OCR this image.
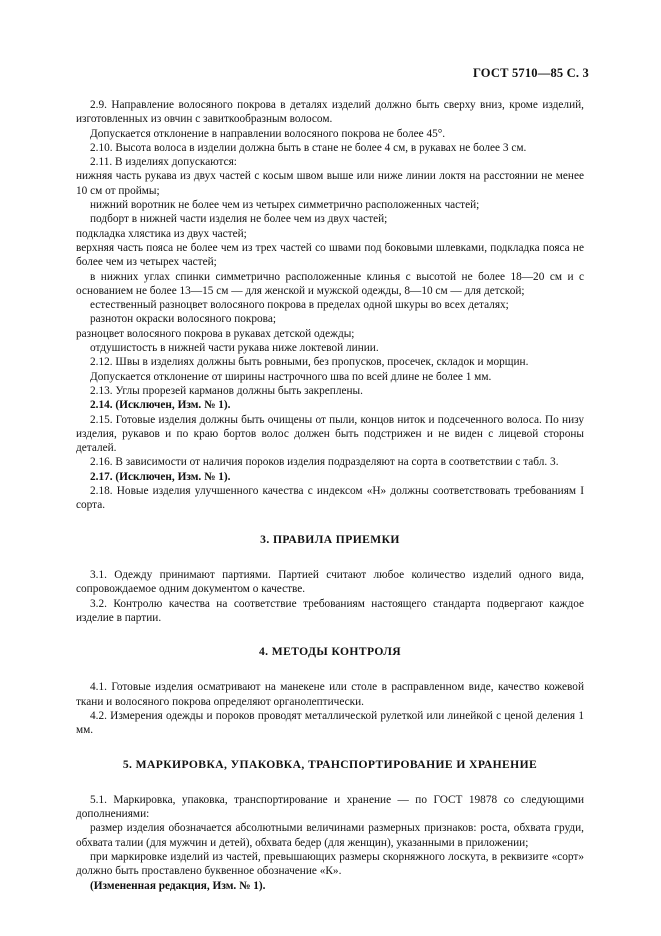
ГОСТ 5710—85 С. 3

2.9. Направление волосяного покрова в деталях изделий должно быть сверху вниз, кроме изделий, изготовленных из овчин с завиткообразным волосом.

Допускается отклонение в направлении волосяного покрова не более 45°.

2.10. Высота волоса в изделии должна быть в стане не более 4 см, в рукавах не более 3 см.

2.11. В изделиях допускаются:

нижняя часть рукава из двух частей с косым швом выше или ниже линии локтя на расстоянии не менее 10 см от проймы;

нижний воротник не более чем из четырех симметрично расположенных частей;

подборт в нижней части изделия не более чем из двух частей;

подкладка хлястика из двух частей;

верхняя часть пояса не более чем из трех частей со швами под боковыми шлевками, подкладка пояса не более чем из четырех частей;

в нижних углах спинки симметрично расположенные клинья с высотой не более 18—20 см и с основанием не более 13—15 см — для женской и мужской одежды, 8—10 см — для детской;

естественный разноцвет волосяного покрова в пределах одной шкуры во всех деталях;

разнотон окраски волосяного покрова;

разноцвет волосяного покрова в рукавах детской одежды;

отдушистость в нижней части рукава ниже локтевой линии.

2.12. Швы в изделиях должны быть ровными, без пропусков, просечек, складок и морщин.

Допускается отклонение от ширины настрочного шва по всей длине не более 1 мм.

2.13. Углы прорезей карманов должны быть закреплены.

2.14. (Исключен, Изм. № 1).

2.15. Готовые изделия должны быть очищены от пыли, концов ниток и подсеченного волоса. По низу изделия, рукавов и по краю бортов волос должен быть подстрижен и не виден с лицевой стороны деталей.

2.16. В зависимости от наличия пороков изделия подразделяют на сорта в соответствии с табл. 3.

2.17. (Исключен, Изм. № 1).

2.18. Новые изделия улучшенного качества с индексом «Н» должны соответствовать требованиям I сорта.

3. ПРАВИЛА ПРИЕМКИ

3.1. Одежду принимают партиями. Партией считают любое количество изделий одного вида, сопровождаемое одним документом о качестве.

3.2. Контролю качества на соответствие требованиям настоящего стандарта подвергают каждое изделие в партии.

4. МЕТОДЫ КОНТРОЛЯ

4.1. Готовые изделия осматривают на манекене или столе в расправленном виде, качество кожевой ткани и волосяного покрова определяют органолептически.

4.2. Измерения одежды и пороков проводят металлической рулеткой или линейкой с ценой деления 1 мм.

5. МАРКИРОВКА, УПАКОВКА, ТРАНСПОРТИРОВАНИЕ И ХРАНЕНИЕ

5.1. Маркировка, упаковка, транспортирование и хранение — по ГОСТ 19878 со следующими дополнениями:

размер изделия обозначается абсолютными величинами размерных признаков: роста, обхвата груди, обхвата талии (для мужчин и детей), обхвата бедер (для женщин), указанными в приложении;

при маркировке изделий из частей, превышающих размеры скорняжного лоскута, в реквизите «сорт» должно быть проставлено буквенное обозначение «К».

(Измененная редакция, Изм. № 1).
